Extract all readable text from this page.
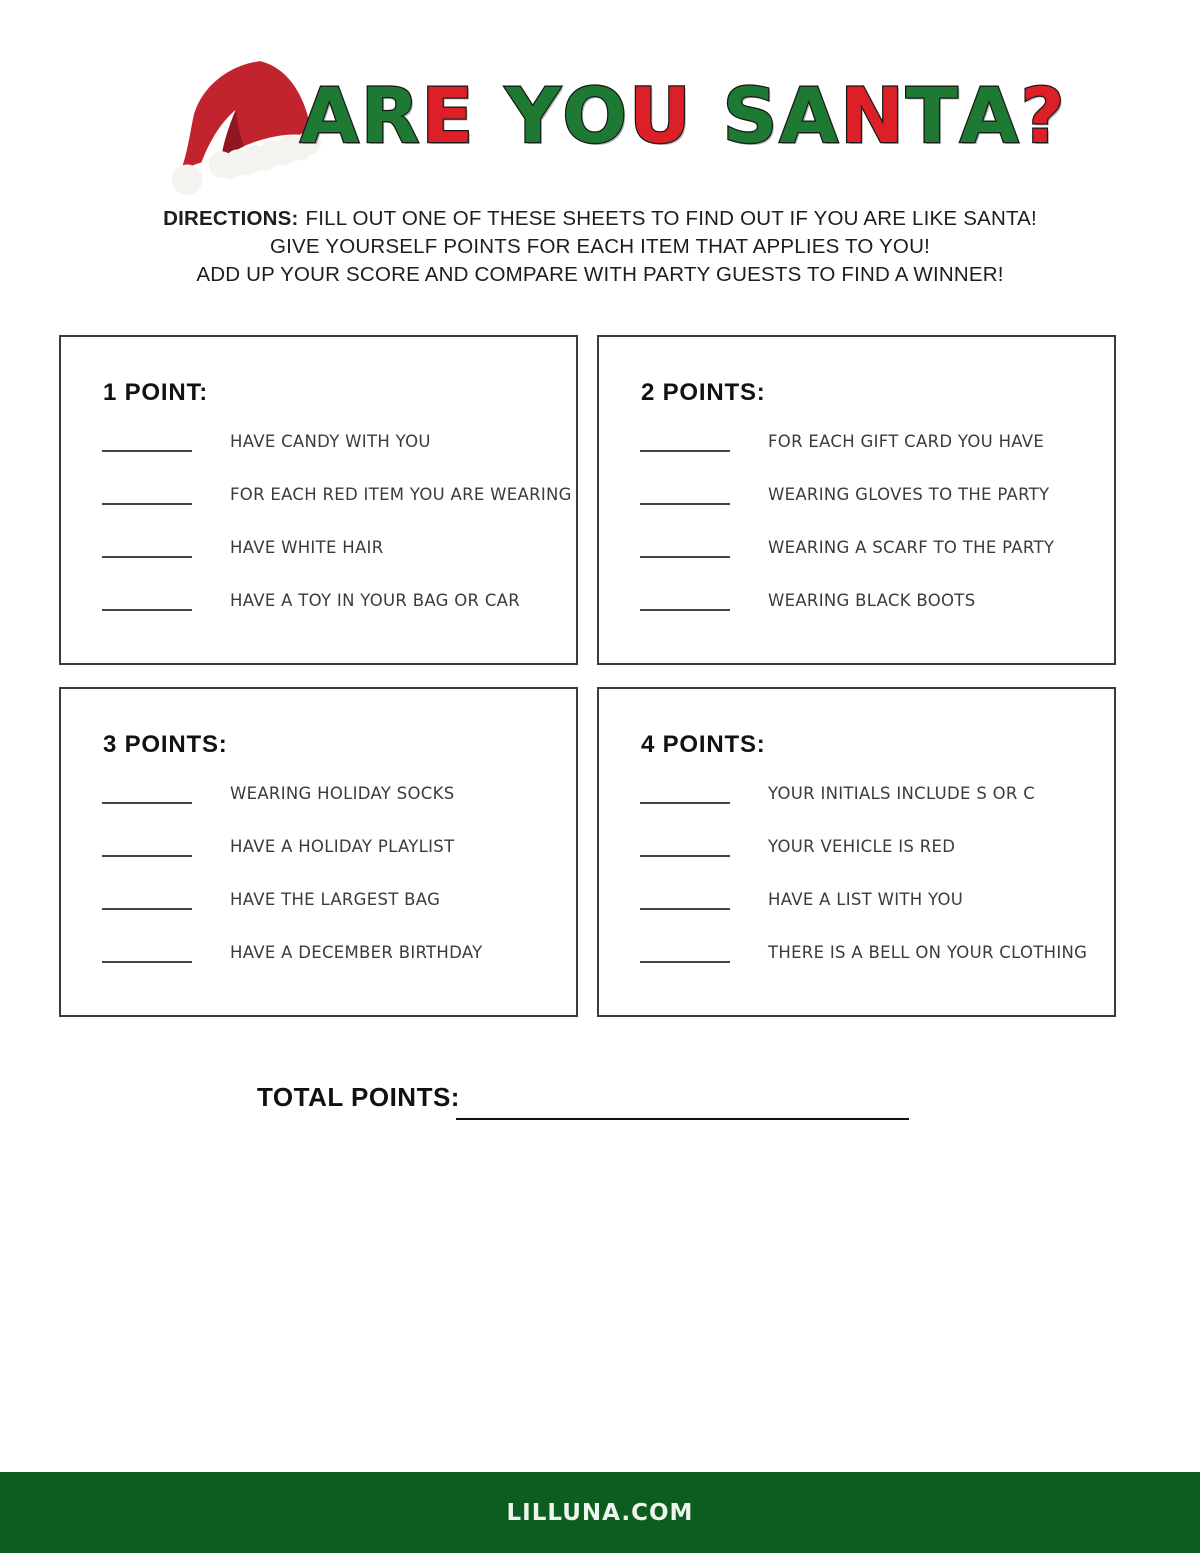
A R E Y O U S A N T A ?
DIRECTIONS: FILL OUT ONE OF THESE SHEETS TO FIND OUT IF YOU ARE LIKE SANTA!
GIVE YOURSELF POINTS FOR EACH ITEM THAT APPLIES TO YOU!
ADD UP YOUR SCORE AND COMPARE WITH PARTY GUESTS TO FIND A WINNER!
1 POINT:
HAVE CANDY WITH YOU
FOR EACH RED ITEM YOU ARE WEARING
HAVE WHITE HAIR
HAVE A TOY IN YOUR BAG OR CAR
2 POINTS:
FOR EACH GIFT CARD YOU HAVE
WEARING GLOVES TO THE PARTY
WEARING A SCARF TO THE PARTY
WEARING BLACK BOOTS
3 POINTS:
WEARING HOLIDAY SOCKS
HAVE A HOLIDAY PLAYLIST
HAVE THE LARGEST BAG
HAVE A DECEMBER BIRTHDAY
4 POINTS:
YOUR INITIALS INCLUDE S OR C
YOUR VEHICLE IS RED
HAVE A LIST WITH YOU
THERE IS A BELL ON YOUR CLOTHING
TOTAL POINTS:
LILLUNA.COM
